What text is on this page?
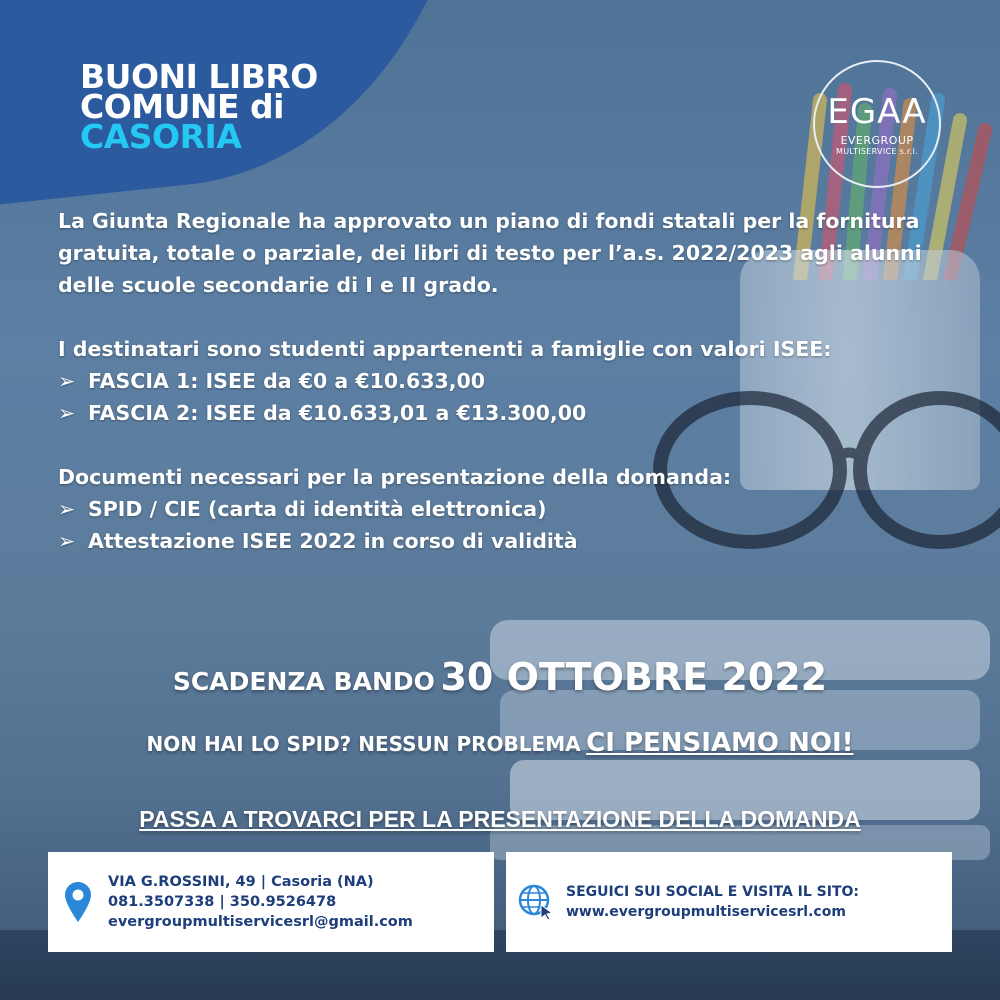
BUONI LIBRO
COMUNE di
CASORIA
EGAA
EVERGROUP
MULTISERVICE s.r.l.
La Giunta Regionale ha approvato un piano di fondi statali per la fornitura gratuita, totale o parziale, dei libri di testo per l’a.s. 2022/2023 agli alunni delle scuole secondarie di I e II grado.
I destinatari sono studenti appartenenti a famiglie con valori ISEE:
➢ FASCIA 1: ISEE da €0 a €10.633,00
➢ FASCIA 2: ISEE da €10.633,01 a €13.300,00
Documenti necessari per la presentazione della domanda:
➢ SPID / CIE (carta di identità elettronica)
➢ Attestazione ISEE 2022 in corso di validità
SCADENZA BANDO 30 OTTOBRE 2022
NON HAI LO SPID? NESSUN PROBLEMA CI PENSIAMO NOI!
PASSA A TROVARCI PER LA PRESENTAZIONE DELLA DOMANDA
VIA G.ROSSINI, 49 | Casoria (NA)
081.3507338 | 350.9526478
evergroupmultiservicesrl@gmail.com
SEGUICI SUI SOCIAL E VISITA IL SITO:
www.evergroupmultiservicesrl.com
